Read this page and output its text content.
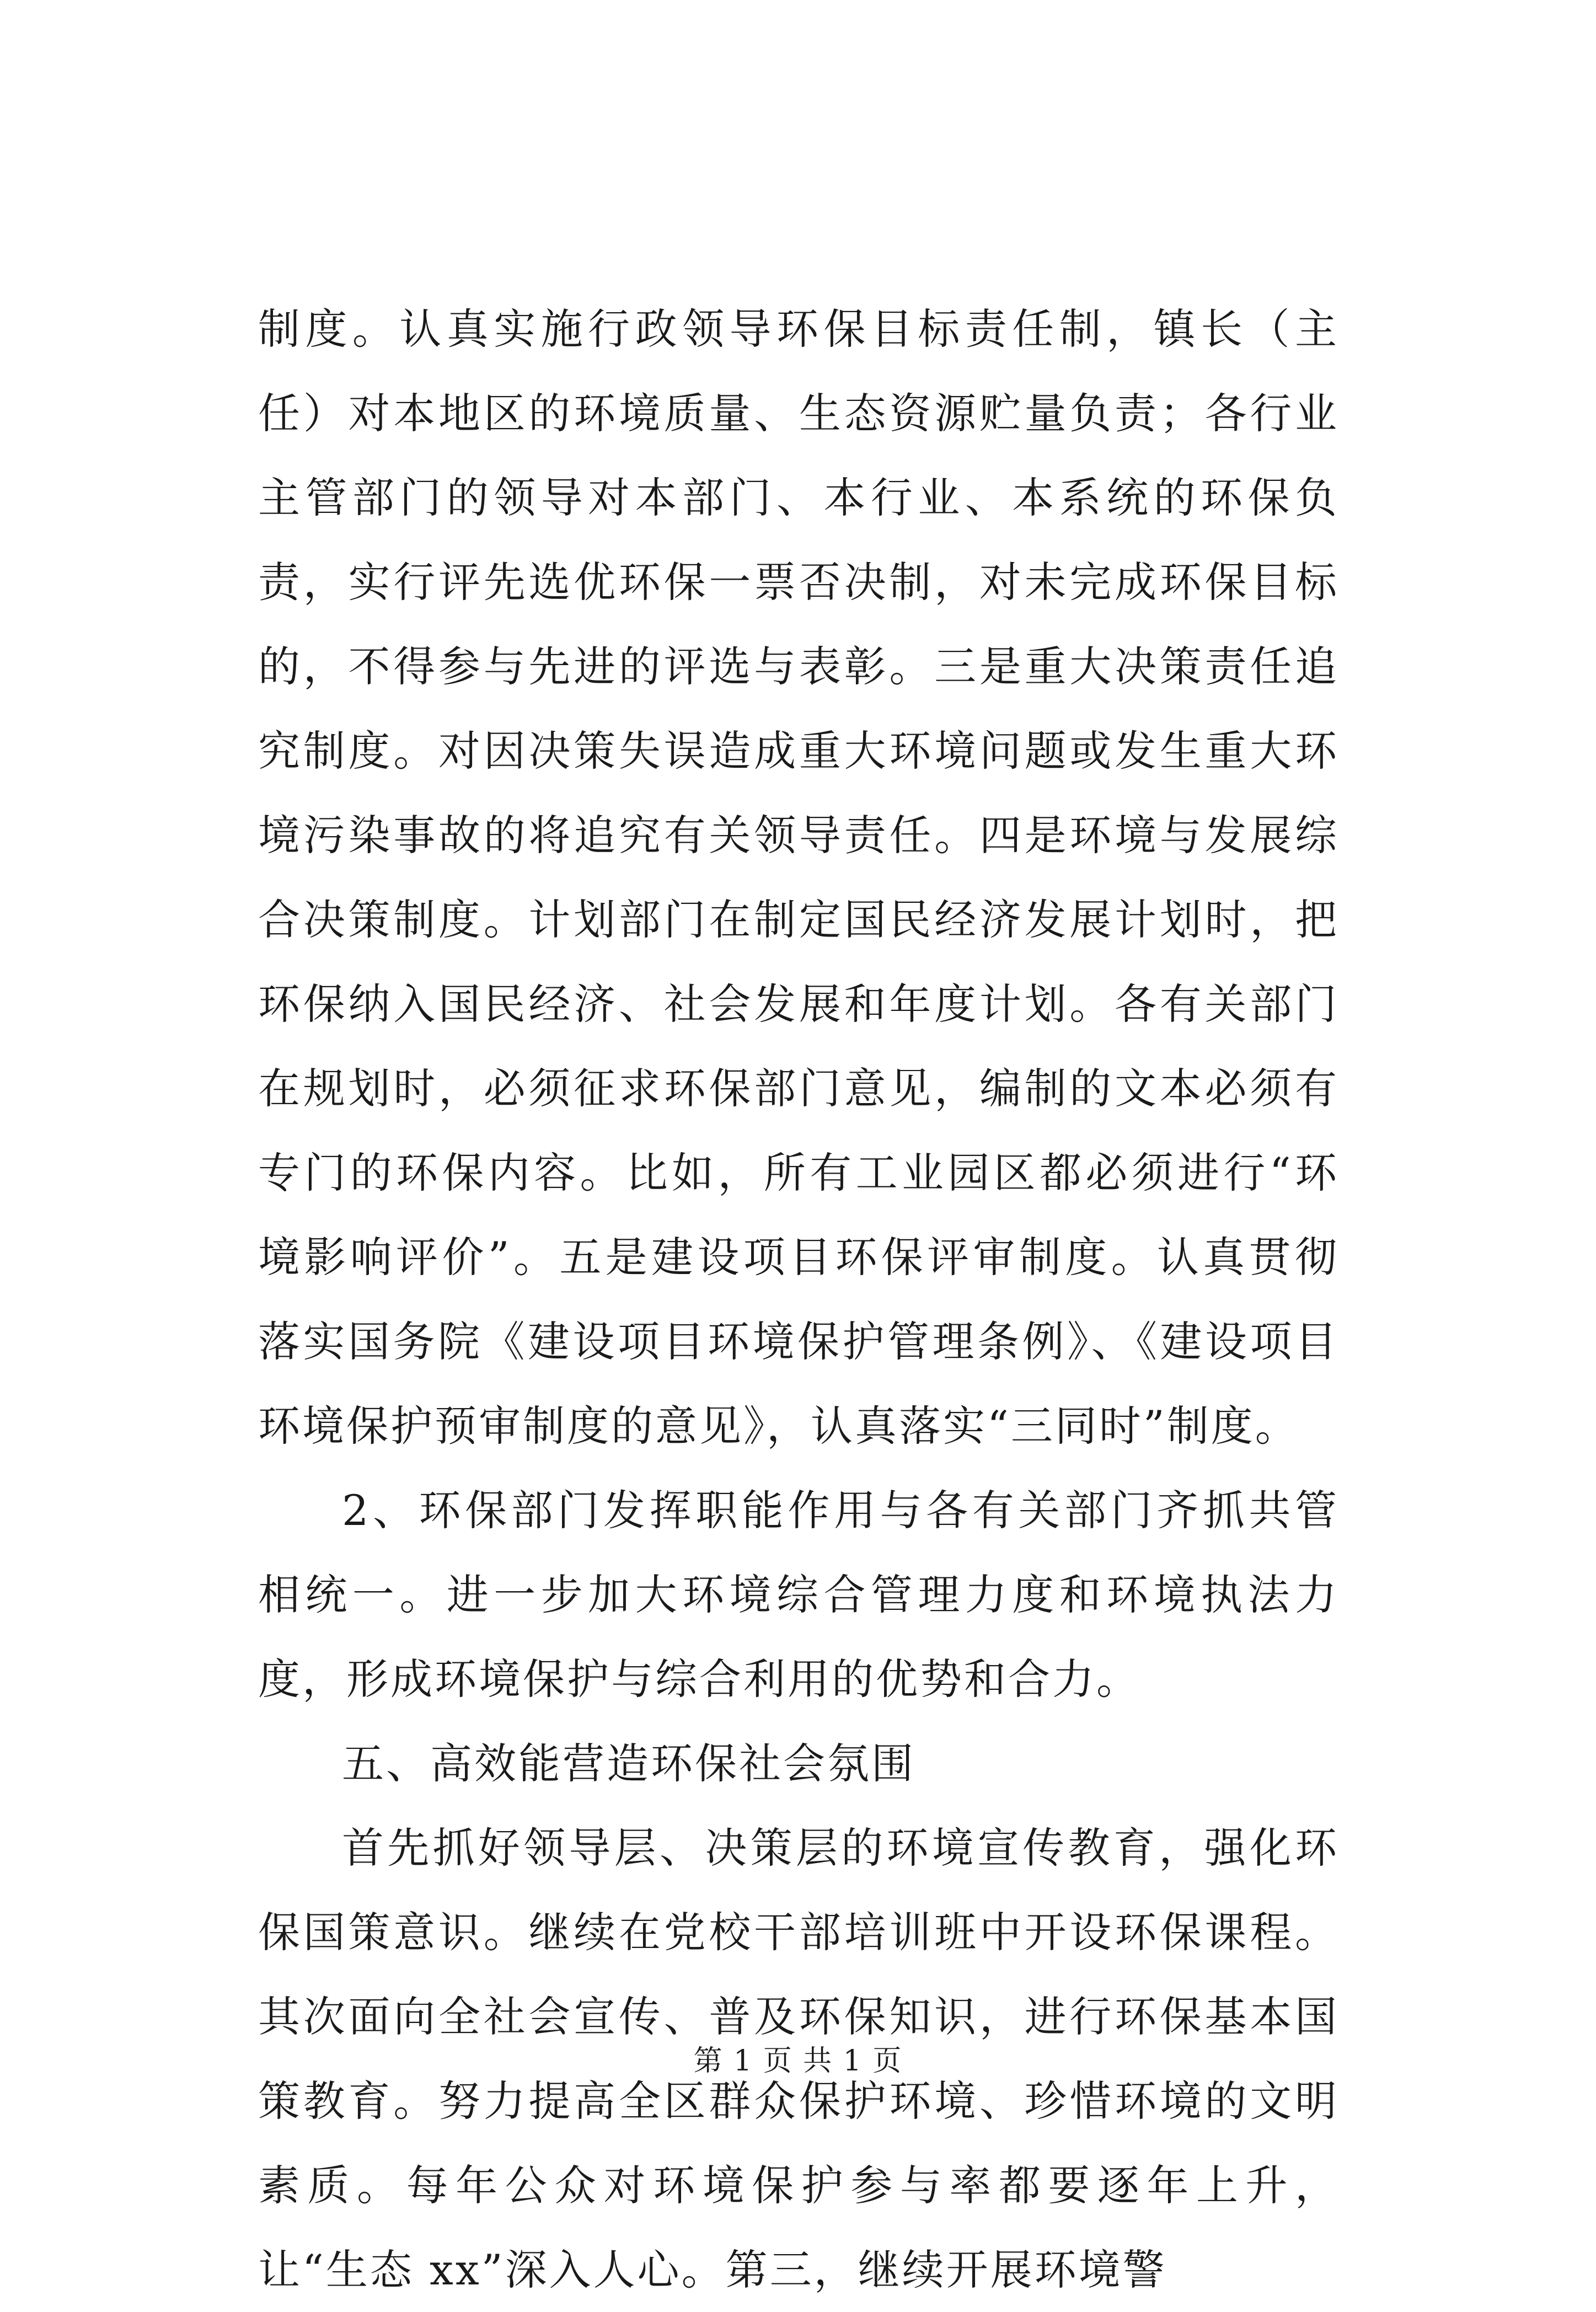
制度。认真实施行政领导环保目标责任制，镇长（主任）对本地区的环境质量、生态资源贮量负责；各行业主管部门的领导对本部门、本行业、本系统的环保负责，实行评先选优环保一票否决制，对未完成环保目标的，不得参与先进的评选与表彰。三是重大决策责任追究制度。对因决策失误造成重大环境问题或发生重大环境污染事故的将追究有关领导责任。四是环境与发展综合决策制度。计划部门在制定国民经济发展计划时，把环保纳入国民经济、社会发展和年度计划。各有关部门在规划时，必须征求环保部门意见，编制的文本必须有专门的环保内容。比如，所有工业园区都必须进行“环境影响评价”。五是建设项目环保评审制度。认真贯彻落实国务院《建设项目环境保护管理条例》、《建设项目环境保护预审制度的意见》，认真落实“三同时”制度。

2、环保部门发挥职能作用与各有关部门齐抓共管相统一。进一步加大环境综合管理力度和环境执法力度，形成环境保护与综合利用的优势和合力。

五、高效能营造环保社会氛围

首先抓好领导层、决策层的环境宣传教育，强化环保国策意识。继续在党校干部培训班中开设环保课程。其次面向全社会宣传、普及环保知识，进行环保基本国策教育。努力提高全区群众保护环境、珍惜环境的文明素质。每年公众对环境保护参与率都要逐年上升，让“生态 xx”深入人心。第三，继续开展环境警

第 1 页 共 1 页
